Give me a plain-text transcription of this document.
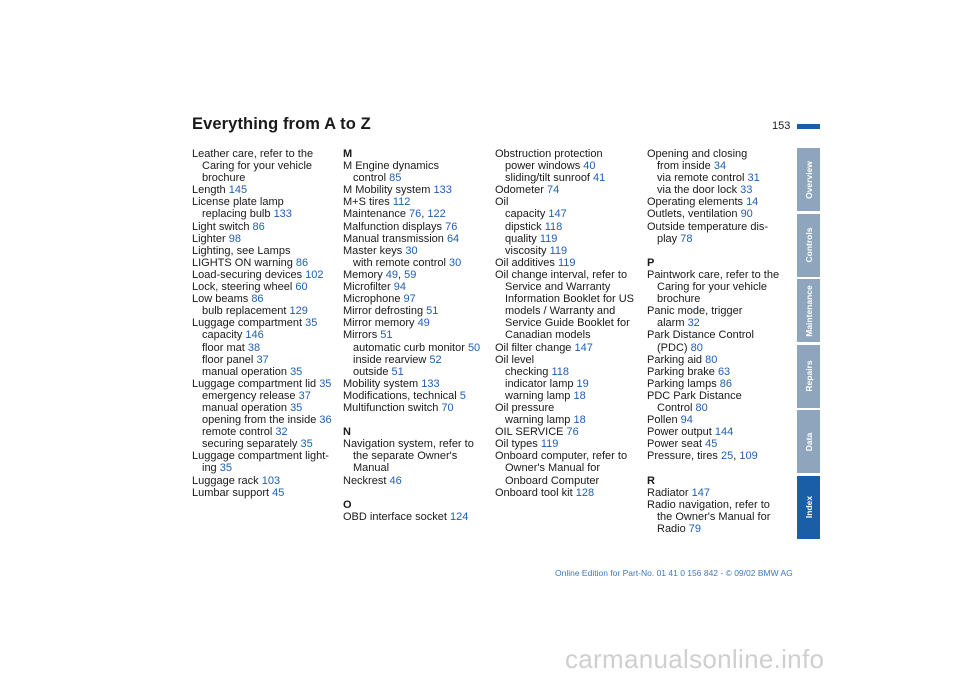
Everything from A to Z	153
Leather care, refer to the
Caring for your vehicle
brochure
Length 145
License plate lamp
replacing bulb 133
Light switch 86
Lighter 98
Lighting, see Lamps
LIGHTS ON warning 86
Load-securing devices 102
Lock, steering wheel 60
Low beams 86
bulb replacement 129
Luggage compartment 35
capacity 146
floor mat 38
floor panel 37
manual operation 35
Luggage compartment lid 35
emergency release 37
manual operation 35
opening from the inside 36
remote control 32
securing separately 35
Luggage compartment light-
ing 35
Luggage rack 103
Lumbar support 45
M
M Engine dynamics
control 85
M Mobility system 133
M+S tires 112
Maintenance 76, 122
Malfunction displays 76
Manual transmission 64
Master keys 30
with remote control 30
Memory 49, 59
Microfilter 94
Microphone 97
Mirror defrosting 51
Mirror memory 49
Mirrors 51
automatic curb monitor 50
inside rearview 52
outside 51
Mobility system 133
Modifications, technical 5
Multifunction switch 70

N
Navigation system, refer to
the separate Owner's
Manual
Neckrest 46

O
OBD interface socket 124
Obstruction protection
power windows 40
sliding/tilt sunroof 41
Odometer 74
Oil
capacity 147
dipstick 118
quality 119
viscosity 119
Oil additives 119
Oil change interval, refer to
Service and Warranty
Information Booklet for US
models / Warranty and
Service Guide Booklet for
Canadian models
Oil filter change 147
Oil level
checking 118
indicator lamp 19
warning lamp 18
Oil pressure
warning lamp 18
OIL SERVICE 76
Oil types 119
Onboard computer, refer to
Owner's Manual for
Onboard Computer
Onboard tool kit 128
Opening and closing
from inside 34
via remote control 31
via the door lock 33
Operating elements 14
Outlets, ventilation 90
Outside temperature dis-
play 78

P
Paintwork care, refer to the
Caring for your vehicle
brochure
Panic mode, trigger
alarm 32
Park Distance Control
(PDC) 80
Parking aid 80
Parking brake 63
Parking lamps 86
PDC Park Distance
Control 80
Pollen 94
Power output 144
Power seat 45
Pressure, tires 25, 109

R
Radiator 147
Radio navigation, refer to
the Owner's Manual for
Radio 79
Overview
Controls
Maintenance
Repairs
Data
Index
Online Edition for Part-No. 01 41 0 156 842 - © 09/02 BMW AG
carmanualsonline.info
